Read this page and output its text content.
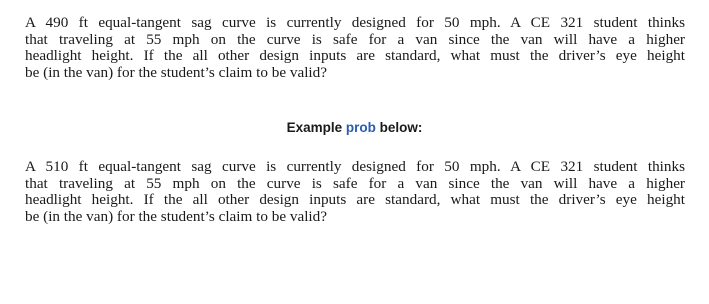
A 490 ft equal-tangent sag curve is currently designed for 50 mph. A CE 321 student thinks
that traveling at 55 mph on the curve is safe for a van since the van will have a higher
headlight height. If the all other design inputs are standard, what must the driver’s eye height
be (in the van) for the student’s claim to be valid?
Example prob below:
A 510 ft equal-tangent sag curve is currently designed for 50 mph. A CE 321 student thinks
that traveling at 55 mph on the curve is safe for a van since the van will have a higher
headlight height. If the all other design inputs are standard, what must the driver’s eye height
be (in the van) for the student’s claim to be valid?
